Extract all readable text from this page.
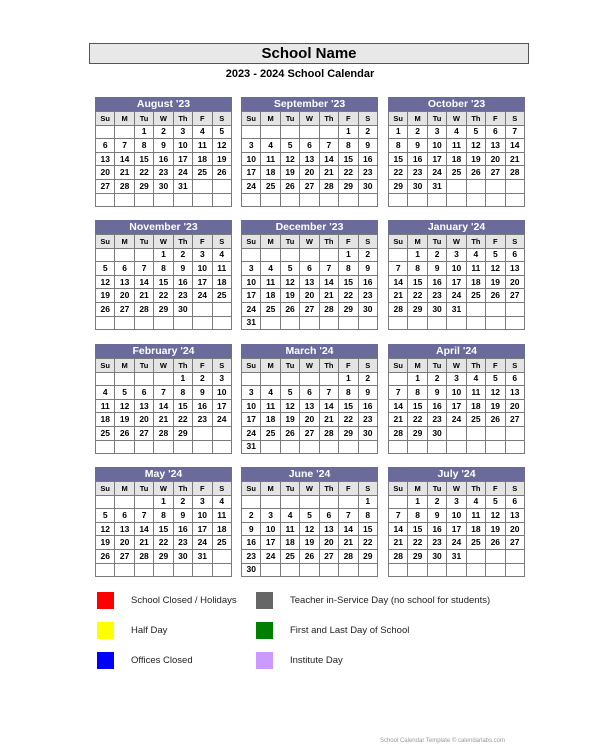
School Name
2023 - 2024 School Calendar
August '23
Su	M	Tu	W	Th	F	S
		1	2	3	4	5
6	7	8	9	10	11	12
13	14	15	16	17	18	19
20	21	22	23	24	25	26
27	28	29	30	31		

September '23
Su	M	Tu	W	Th	F	S
					1	2
3	4	5	6	7	8	9
10	11	12	13	14	15	16
17	18	19	20	21	22	23
24	25	26	27	28	29	30

October '23
Su	M	Tu	W	Th	F	S
1	2	3	4	5	6	7
8	9	10	11	12	13	14
15	16	17	18	19	20	21
22	23	24	25	26	27	28
29	30	31				

November '23
Su	M	Tu	W	Th	F	S
			1	2	3	4
5	6	7	8	9	10	11
12	13	14	15	16	17	18
19	20	21	22	23	24	25
26	27	28	29	30		

December '23
Su	M	Tu	W	Th	F	S
					1	2
3	4	5	6	7	8	9
10	11	12	13	14	15	16
17	18	19	20	21	22	23
24	25	26	27	28	29	30
31						
January '24
Su	M	Tu	W	Th	F	S
	1	2	3	4	5	6
7	8	9	10	11	12	13
14	15	16	17	18	19	20
21	22	23	24	25	26	27
28	29	30	31			

February '24
Su	M	Tu	W	Th	F	S
				1	2	3
4	5	6	7	8	9	10
11	12	13	14	15	16	17
18	19	20	21	22	23	24
25	26	27	28	29		

March '24
Su	M	Tu	W	Th	F	S
					1	2
3	4	5	6	7	8	9
10	11	12	13	14	15	16
17	18	19	20	21	22	23
24	25	26	27	28	29	30
31						
April '24
Su	M	Tu	W	Th	F	S
	1	2	3	4	5	6
7	8	9	10	11	12	13
14	15	16	17	18	19	20
21	22	23	24	25	26	27
28	29	30				

May '24
Su	M	Tu	W	Th	F	S
			1	2	3	4
5	6	7	8	9	10	11
12	13	14	15	16	17	18
19	20	21	22	23	24	25
26	27	28	29	30	31	

June '24
Su	M	Tu	W	Th	F	S
						1
2	3	4	5	6	7	8
9	10	11	12	13	14	15
16	17	18	19	20	21	22
23	24	25	26	27	28	29
30						
July '24
Su	M	Tu	W	Th	F	S
	1	2	3	4	5	6
7	8	9	10	11	12	13
14	15	16	17	18	19	20
21	22	23	24	25	26	27
28	29	30	31			

School Closed / Holidays
Half Day
Offices Closed
Teacher in-Service Day (no school for students)
First and Last Day of School
Institute Day
School Calendar Template © calendarlabs.com
